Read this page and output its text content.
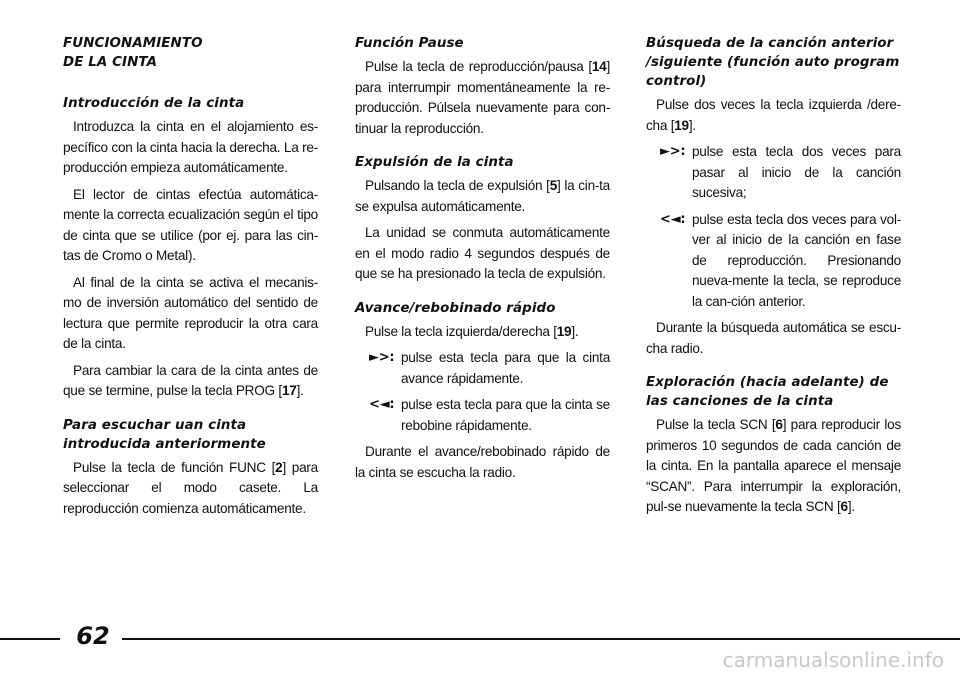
FUNCIONAMIENTO
DE LA CINTA
Introducción de la cinta

Introduzca la cinta en el alojamiento es-pecífico con la cinta hacia la derecha. La re-producción empieza automáticamente.

El lector de cintas efectúa automática-mente la correcta ecualización según el tipo de cinta que se utilice (por ej. para las cin-tas de Cromo o Metal).

Al final de la cinta se activa el mecanis-mo de inversión automático del sentido de lectura que permite reproducir la otra cara de la cinta.

Para cambiar la cara de la cinta antes de que se termine, pulse la tecla PROG [17].

Para escuchar uan cinta introducida anteriormente

Pulse la tecla de función FUNC [2] para seleccionar el modo casete. La reproducción comienza automáticamente.

Función Pause

Pulse la tecla de reproducción/pausa [14] para interrumpir momentáneamente la re-producción. Púlsela nuevamente para con-tinuar la reproducción.

Expulsión de la cinta

Pulsando la tecla de expulsión [5] la cin-ta se expulsa automáticamente.

La unidad se conmuta automáticamente en el modo radio 4 segundos después de que se ha presionado la tecla de expulsión.

Avance/rebobinado rápido

Pulse la tecla izquierda/derecha [19].

►>: pulse esta tecla para que la cinta avance rápidamente.
<◄: pulse esta tecla para que la cinta se rebobine rápidamente.

Durante el avance/rebobinado rápido de la cinta se escucha la radio.

Búsqueda de la canción anterior /siguiente (función auto program control)

Pulse dos veces la tecla izquierda /dere-cha [19].

►>: pulse esta tecla dos veces para pasar al inicio de la canción sucesiva;
<◄: pulse esta tecla dos veces para vol-ver al inicio de la canción en fase de reproducción. Presionando nueva-mente la tecla, se reproduce la can-ción anterior.

Durante la búsqueda automática se escu-cha radio.

Exploración (hacia adelante) de las canciones de la cinta

Pulse la tecla SCN [6] para reproducir los primeros 10 segundos de cada canción de la cinta. En la pantalla aparece el mensaje “SCAN”. Para interrumpir la exploración, pul-se nuevamente la tecla SCN [6].

62
carmanualsonline.info
